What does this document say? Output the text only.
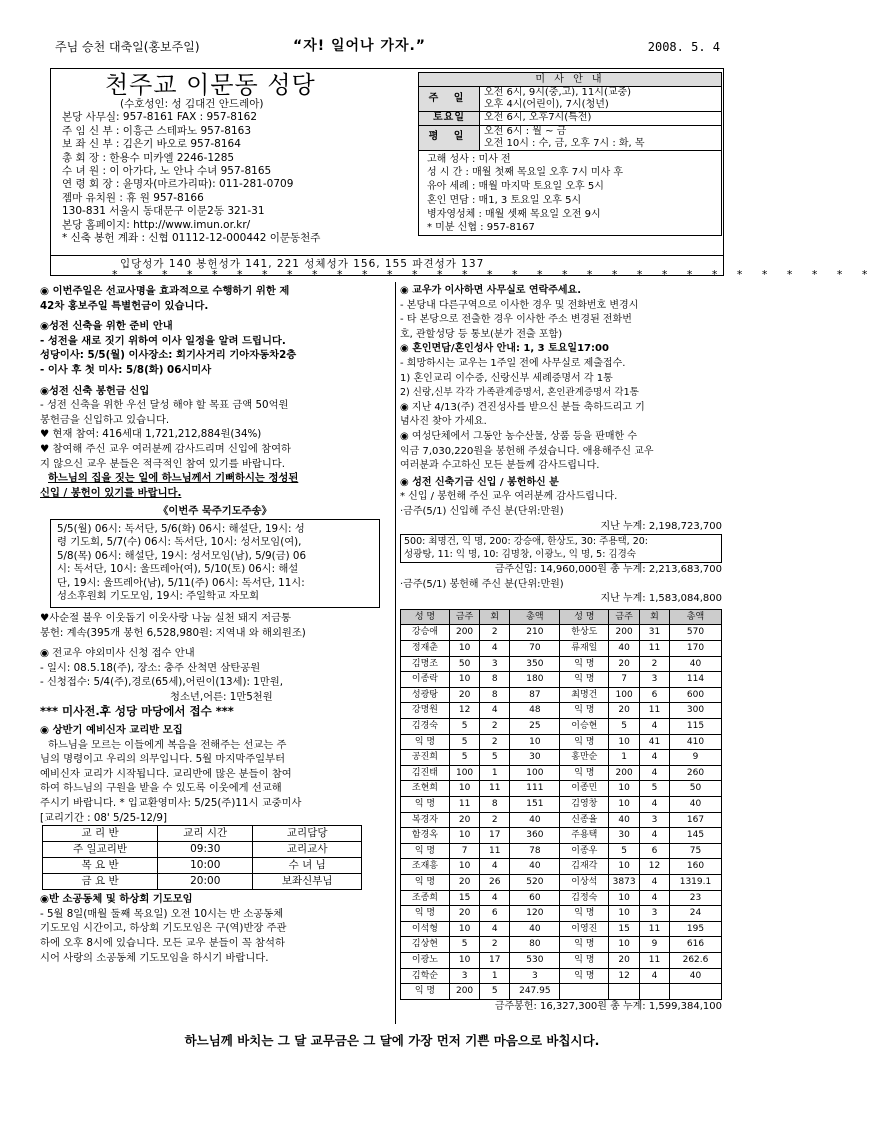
주님 승천 대축일(홍보주일)	“자! 일어나 가자.”	2008. 5. 4
천주교 이문동 성당
(수호성인: 성 김대건 안드레아)
본당 사무실: 957-8161 FAX : 957-8162
주 임 신 부 : 이흥근 스테파노 957-8163
보 좌 신 부 : 김은기 바오로 957-8164
총 회 장 : 한용수 미카엘 2246-1285
수 녀 원 : 이 아가다, 노 안나 수녀 957-8165
연 령 회 장 : 윤명자(마르가리따): 011-281-0709
젬마 유치원 : 휴 원 957-8166
130-831 서울시 동대문구 이문2동 321-31
본당 홈페이지: http://www.imun.or.kr/
* 신축 봉헌 계좌 : 신협 01112-12-000442 이문동천주
미 사 안 내
주 일
오전 6시, 9시(중,고), 11시(교중)
오후 4시(어린이), 7시(청년)
토요일	오전 6시, 오후7시(특전)
평 일
오전 6시 : 월 ~ 금
오전 10시 : 수, 금, 오후 7시 : 화, 목
고해 성사 : 미사 전
성 시 간 : 매월 첫째 목요일 오후 7시 미사 후
유아 세례 : 매월 마지막 토요일 오후 5시
혼인 면담 : 매1, 3 토요일 오후 5시
병자영성체 : 매월 셋째 목요일 오전 9시
* 미분 신협 : 957-8167
입당성가 140 봉헌성가 141, 221 성체성가 156, 155 파견성가 137
* * * * * * * * * * * * * * * * * * * * * * * * * * * * * * *

◉ 이번주일은 선교사명을 효과적으로 수행하기 위한 제

42차 홍보주일 특별헌금이 있습니다.

◉성전 신축을 위한 준비 안내

- 성전을 새로 짓기 위하여 이사 일정을 알려 드립니다.

성당이사: 5/5(월) 이사장소: 회기사거리 기아자동차2층

- 이사 후 첫 미사: 5/8(화) 06시미사

◉성전 신축 봉헌금 신입

- 성전 신축을 위한 우선 달성 해야 할 목표 금액 50억원

봉헌금을 신입하고 있습니다.

♥ 현재 참여: 416세대 1,721,212,884원(34%)

♥ 참여해 주신 교우 여러분께 감사드리며 신입에 참여하

지 않으신 교우 분들은 적극적인 참여 있기를 바랍니다.

하느님의 집을 짓는 일에 하느님께서 기뻐하시는 정성된

신입 / 봉헌이 있기를 바랍니다.

《이번주 묵주기도주송》

5/5(월) 06시: 독서단, 5/6(화) 06시: 해설단, 19시: 성

령 기도회, 5/7(수) 06시: 독서단, 10시: 성서모임(여),

5/8(목) 06시: 해설단, 19시: 성서모임(남), 5/9(금) 06

시: 독서단, 10시: 울뜨레아(여), 5/10(토) 06시: 해설

단, 19시: 울뜨레아(남), 5/11(주) 06시: 독서단, 11시:

성소후원회 기도모임, 19시: 주일학교 자모회

♥사순절 불우 이웃돕기 이웃사랑 나눔 실천 돼지 저금통

봉헌: 계속(395개 봉헌 6,528,980원: 지역내 와 해외원조)

◉ 전교우 야외미사 신청 접수 안내

- 일시: 08.5.18(주), 장소: 충주 산척면 삼탄공원

- 신청접수: 5/4(주),경로(65세),어린이(13세): 1만원,

청소년,어른: 1만5천원

*** 미사전.후 성당 마당에서 접수 ***

◉ 상반기 예비신자 교리반 모집

하느님을 모르는 이들에게 복음을 전해주는 선교는 주

님의 명령이고 우리의 의무입니다. 5월 마지막주일부터

예비신자 교리가 시작됩니다. 교리반에 많은 분들이 참여

하여 하느님의 구원을 받을 수 있도록 이웃에게 선교해

주시기 바랍니다. * 입교환영미사: 5/25(주)11시 교중미사

[교리기간 : 08' 5/25-12/9]

교 리 반	교리 시간	교리담당
주 일교리반	09:30	교리교사
목 요 반	10:00	수 녀 님
금 요 반	20:00	보좌신부님

◉반 소공동체 및 하상회 기도모임

- 5월 8일(매월 둘째 목요일) 오전 10시는 반 소공동체

기도모임 시간이고, 하상회 기도모임은 구(역)반장 주관

하에 오후 8시에 있습니다. 모든 교우 분들이 꼭 참석하

시어 사랑의 소공동체 기도모임을 하시기 바랍니다.

◉ 교우가 이사하면 사무실로 연락주세요.

- 본당내 다른구역으로 이사한 경우 및 전화번호 변경시

- 타 본당으로 전출한 경우 이사한 주소 변경된 전화번

호, 관할성당 등 통보(분가 전출 포함)

◉ 혼인면담/혼인성사 안내: 1, 3 토요일17:00

- 희망하시는 교우는 1주일 전에 사무실로 제출접수.

1) 혼인교리 이수증, 신랑신부 세례증명서 각 1통

2) 신랑,신부 각각 가족관계증명서, 혼인관계증명서 각1통

◉ 지난 4/13(주) 견진성사를 받으신 분들 축하드리고 기

념사진 찾아 가세요.

◉ 여성단체에서 그동안 농수산물, 상품 등을 판매한 수

익금 7,030,220원을 봉헌해 주셨습니다. 애용해주신 교우

여러분과 수고하신 모든 분들께 감사드립니다.

◉ 성전 신축기금 신입 / 봉헌하신 분

* 신입 / 봉헌해 주신 교우 여러분께 감사드립니다.

·금주(5/1) 신입해 주신 분(단위:만원)

지난 누계: 2,198,723,700

500: 최명건, 익 명, 200: 강승애, 한상도, 30: 주용택, 20:

성광탕, 11: 익 명, 10: 김명창, 이광노, 익 명, 5: 김경숙

금주신입: 14,960,000원 총 누계: 2,213,683,700

·금주(5/1) 봉헌해 주신 분(단위:만원)

지난 누계: 1,583,084,800

성 명	금주	회	총액	성 명	금주	회	총액
강승애	200	2	210	한상도	200	31	570
정재춘	10	4	70	류재일	40	11	170
김명조	50	3	350	익 명	20	2	40
이종락	10	8	180	익 명	7	3	114
성광탕	20	8	87	최명건	100	6	600
강명원	12	4	48	익 명	20	11	300
김경숙	5	2	25	이승현	5	4	115
익 명	5	2	10	익 명	10	41	410
공진희	5	5	30	홍만순	1	4	9
김진태	100	1	100	익 명	200	4	260
조현희	10	11	111	이종민	10	5	50
익 명	11	8	151	김영창	10	4	40
복경자	20	2	40	신종율	40	3	167
함경옥	10	17	360	주용택	30	4	145
익 명	7	11	78	이종우	5	6	75
조재흥	10	4	40	김재각	10	12	160
익 명	20	26	520	이상석	3873	4	1319.1
조종희	15	4	60	김정숙	10	4	23
익 명	20	6	120	익 명	10	3	24
이석형	10	4	40	이영진	15	11	195
김상현	5	2	80	익 명	10	9	616
이광노	10	17	530	익 명	20	11	262.6
김학순	3	1	3	익 명	12	4	40
익 명	200	5	247.95				

금주봉헌: 16,327,300원 총 누계: 1,599,384,100

하느님께 바치는 그 달 교무금은 그 달에 가장 먼저 기쁜 마음으로 바칩시다.
